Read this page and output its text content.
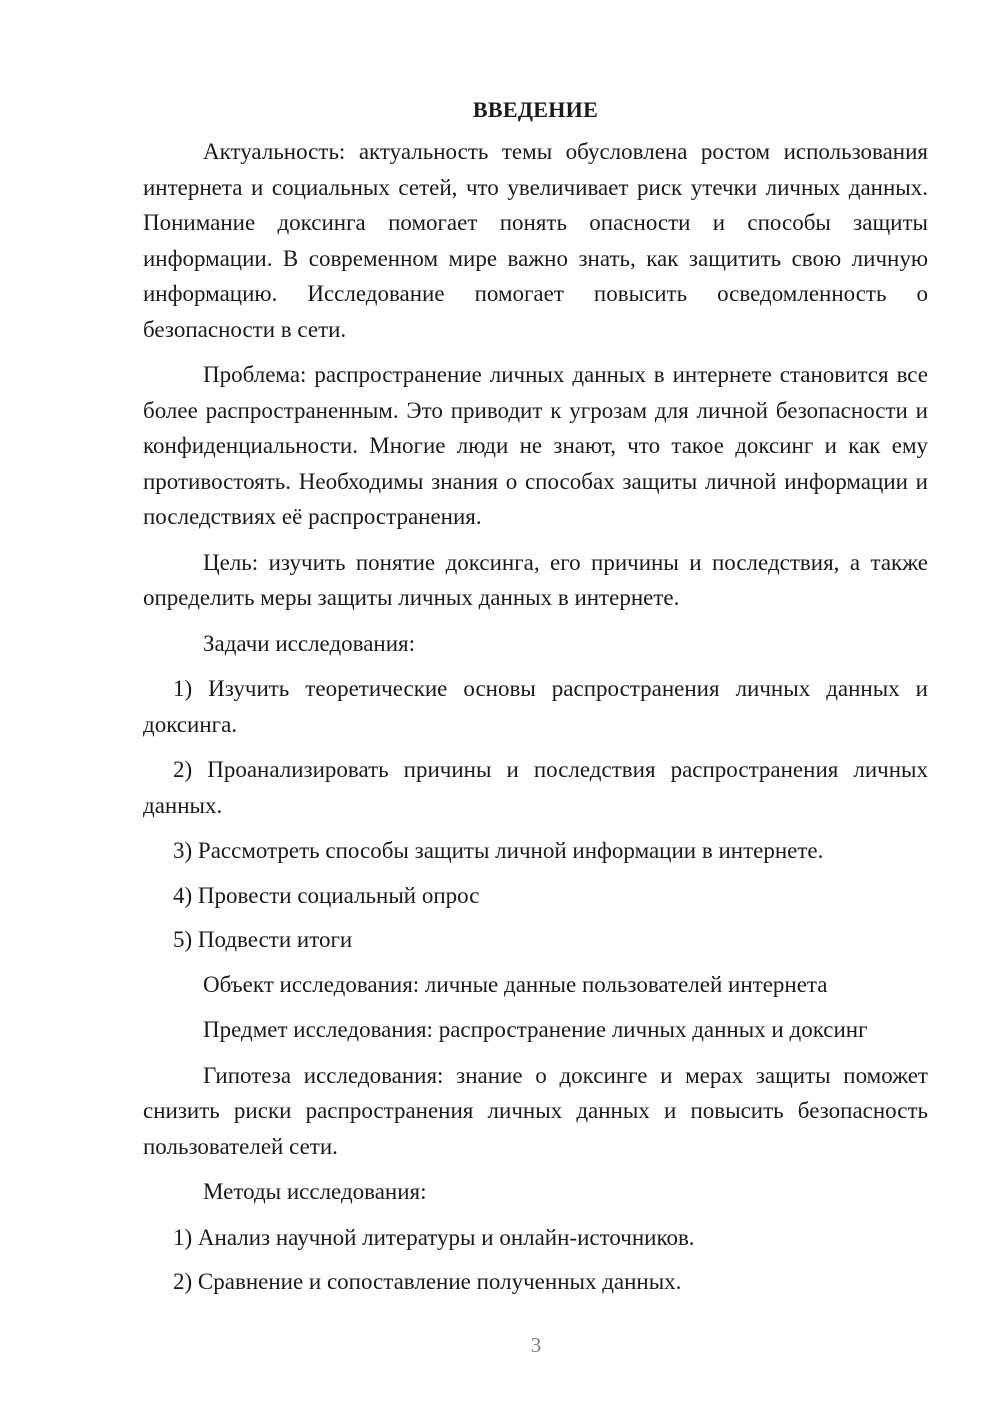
ВВЕДЕНИЕ

Актуальность: актуальность темы обусловлена ростом использования интернета и социальных сетей, что увеличивает риск утечки личных данных. Понимание доксинга помогает понять опасности и способы защиты информации. В современном мире важно знать, как защитить свою личную информацию. Исследование помогает повысить осведомленность о безопасности в сети.

Проблема: распространение личных данных в интернете становится все более распространенным. Это приводит к угрозам для личной безопасности и конфиденциальности. Многие люди не знают, что такое доксинг и как ему противостоять. Необходимы знания о способах защиты личной информации и последствиях её распространения.

Цель: изучить понятие доксинга, его причины и последствия, а также определить меры защиты личных данных в интернете.

Задачи исследования:

1) Изучить теоретические основы распространения личных данных и доксинга.

2) Проанализировать причины и последствия распространения личных данных.

3) Рассмотреть способы защиты личной информации в интернете.

4) Провести социальный опрос

5) Подвести итоги

Объект исследования: личные данные пользователей интернета

Предмет исследования: распространение личных данных и доксинг

Гипотеза исследования: знание о доксинге и мерах защиты поможет снизить риски распространения личных данных и повысить безопасность пользователей сети.

Методы исследования:

1) Анализ научной литературы и онлайн-источников.

2) Сравнение и сопоставление полученных данных.

3
